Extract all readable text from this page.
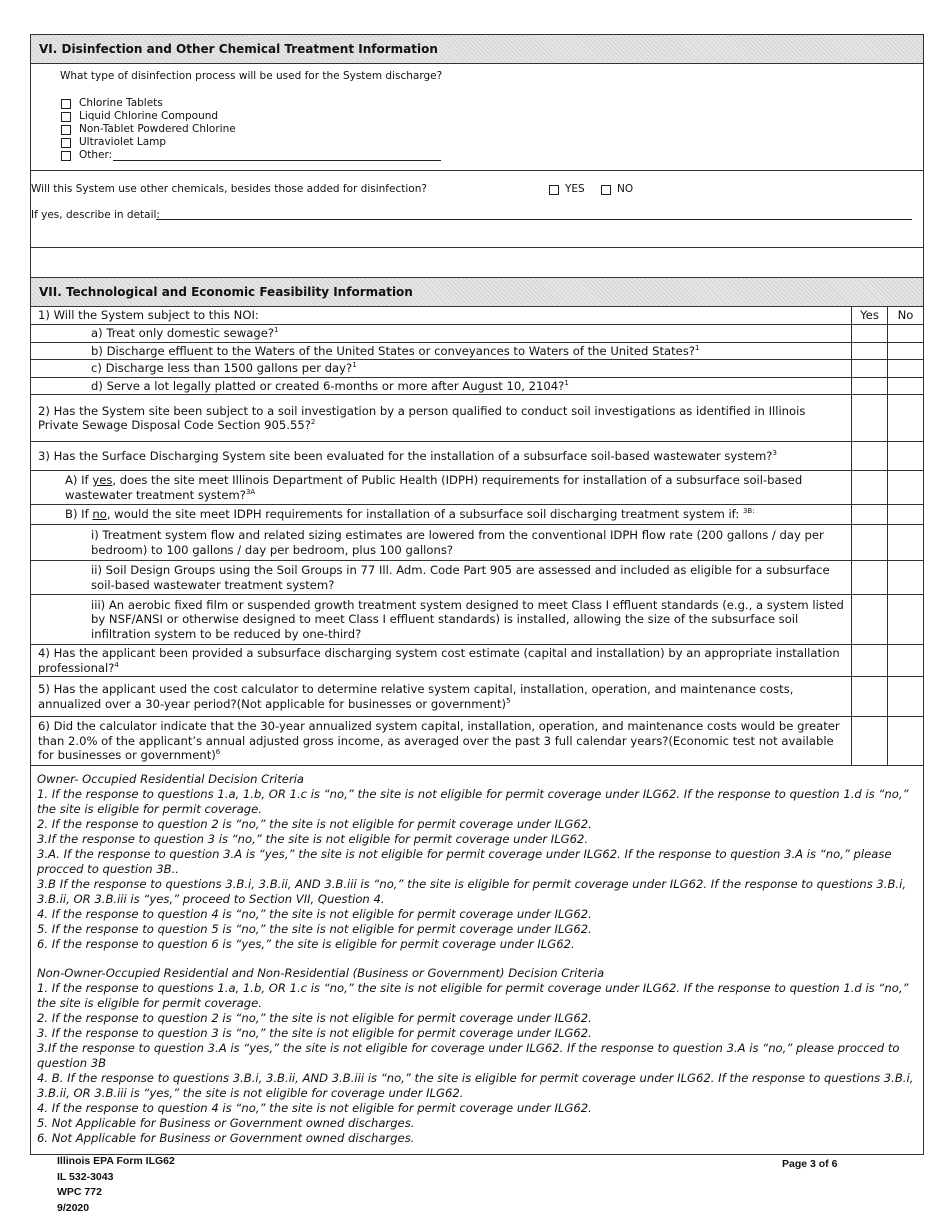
VI. Disinfection and Other Chemical Treatment Information
What type of disinfection process will be used for the System discharge?
Chlorine Tablets
Liquid Chlorine Compound
Non-Tablet Powdered Chlorine
Ultraviolet Lamp
Other:
Will this System use other chemicals, besides those added for disinfection?	YES	NO
If yes, describe in detail:
VII. Technological and Economic Feasibility Information
1) Will the System subject to this NOI:	Yes	No
a) Treat only domestic sewage?$^1$		
b) Discharge effluent to the Waters of the United States or conveyances to Waters of the United States?$^1$		
c) Discharge less than 1500 gallons per day?$^1$		
d) Serve a lot legally platted or created 6-months or more after August 10, 2104?$^1$		
2) Has the System site been subject to a soil investigation by a person qualified to conduct soil investigations as identified in Illinois Private Sewage Disposal Code Section 905.55?$^2$		
3) Has the Surface Discharging System site been evaluated for the installation of a subsurface soil-based wastewater system?$^3$		
A) If yes, does the site meet Illinois Department of Public Health (IDPH) requirements for installation of a subsurface soil-based wastewater treatment system?$^{3A}$		
B) If no, would the site meet IDPH requirements for installation of a subsurface soil discharging treatment system if: $^{3B:}$		
i) Treatment system flow and related sizing estimates are lowered from the conventional IDPH flow rate (200 gallons / day per bedroom) to 100 gallons / day per bedroom, plus 100 gallons?		
ii) Soil Design Groups using the Soil Groups in 77 Ill. Adm. Code Part 905 are assessed and included as eligible for a subsurface soil-based wastewater treatment system?		
iii) An aerobic fixed film or suspended growth treatment system designed to meet Class I effluent standards (e.g., a system listed by NSF/ANSI or otherwise designed to meet Class I effluent standards) is installed, allowing the size of the subsurface soil infiltration system to be reduced by one-third?		
4) Has the applicant been provided a subsurface discharging system cost estimate (capital and installation) by an appropriate installation professional?$^4$		
5) Has the applicant used the cost calculator to determine relative system capital, installation, operation, and maintenance costs, annualized over a 30-year period?(Not applicable for businesses or government)$^5$		
6) Did the calculator indicate that the 30-year annualized system capital, installation, operation, and maintenance costs would be greater than 2.0% of the applicant’s annual adjusted gross income, as averaged over the past 3 full calendar years?(Economic test not available for businesses or government)$^6$		

Owner- Occupied Residential Decision Criteria

1. If the response to questions 1.a, 1.b, OR 1.c is “no,” the site is not eligible for permit coverage under ILG62. If the response to question 1.d is “no,” the site is eligible for permit coverage.

2. If the response to question 2 is “no,” the site is not eligible for permit coverage under ILG62.

3.If the response to question 3 is “no,” the site is not eligible for permit coverage under ILG62.

3.A. If the response to question 3.A is “yes,” the site is not eligible for permit coverage under ILG62. If the response to question 3.A is “no,” please procced to question 3B..

3.B If the response to questions 3.B.i, 3.B.ii, AND 3.B.iii is “no,” the site is eligible for permit coverage under ILG62. If the response to questions 3.B.i, 3.B.ii, OR 3.B.iii is “yes,” proceed to Section VII, Question 4.

4. If the response to question 4 is “no,” the site is not eligible for permit coverage under ILG62.

5. If the response to question 5 is “no,” the site is not eligible for permit coverage under ILG62.

6. If the response to question 6 is “yes,” the site is eligible for permit coverage under ILG62.

Non-Owner-Occupied Residential and Non-Residential (Business or Government) Decision Criteria

1. If the response to questions 1.a, 1.b, OR 1.c is “no,” the site is not eligible for permit coverage under ILG62. If the response to question 1.d is “no,” the site is eligible for permit coverage.

2. If the response to question 2 is “no,” the site is not eligible for permit coverage under ILG62.

3. If the response to question 3 is “no,” the site is not eligible for permit coverage under ILG62.

3.If the response to question 3.A is “yes,” the site is not eligible for coverage under ILG62. If the response to question 3.A is “no,” please procced to question 3B

4. B. If the response to questions 3.B.i, 3.B.ii, AND 3.B.iii is “no,” the site is eligible for permit coverage under ILG62. If the response to questions 3.B.i, 3.B.ii, OR 3.B.iii is “yes,” the site is not eligible for coverage under ILG62.

4. If the response to question 4 is “no,” the site is not eligible for permit coverage under ILG62.

5. Not Applicable for Business or Government owned discharges.

6. Not Applicable for Business or Government owned discharges.

Illinois EPA Form ILG62
IL 532-3043
WPC 772
9/2020
Page 3 of 6
